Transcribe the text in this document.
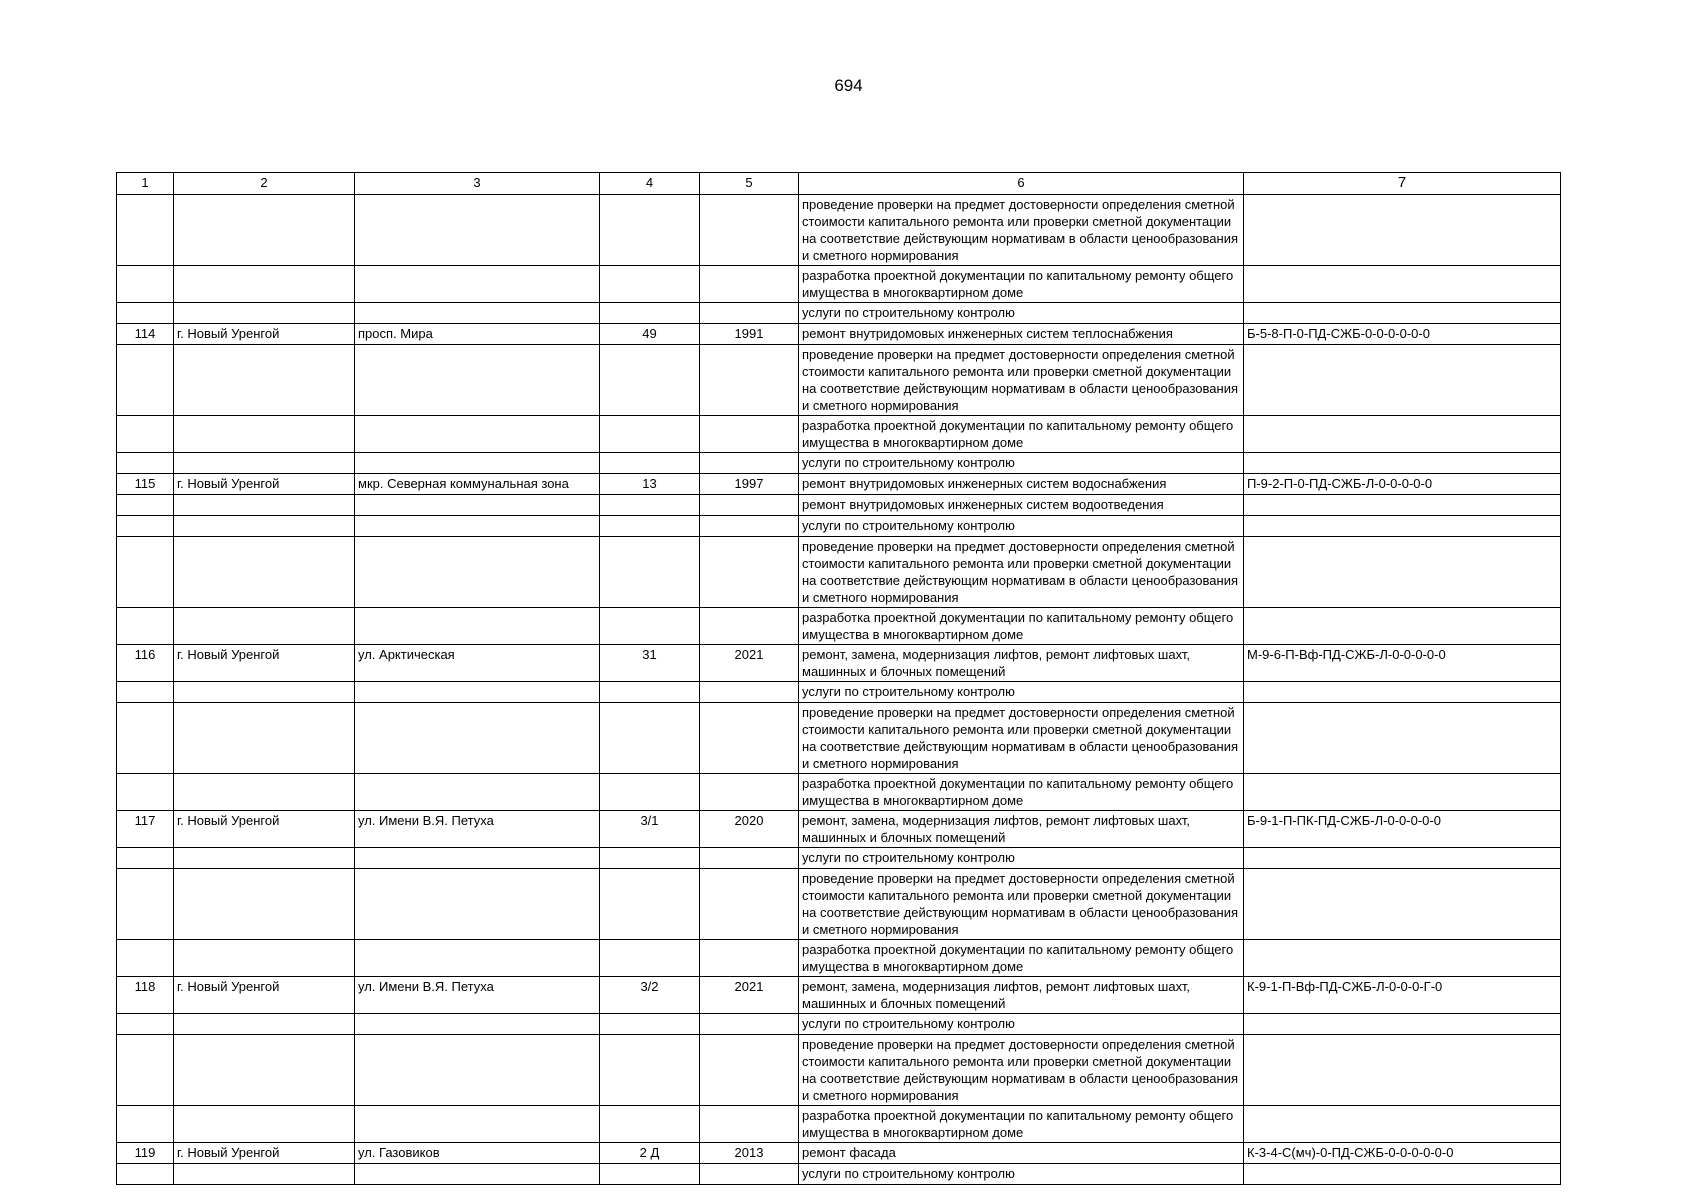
694
1	2	3	4	5	6	7
					проведение проверки на предмет достоверности определения сметной стоимости капитального ремонта или проверки сметной документации на соответствие действующим нормативам в области ценообразования и сметного нормирования	
					разработка проектной документации по капитальному ремонту общего имущества в многоквартирном доме	
					услуги по строительному контролю	
114	г. Новый Уренгой	просп. Мира	49	1991	ремонт внутридомовых инженерных систем теплоснабжения	Б-5-8-П-0-ПД-СЖБ-0-0-0-0-0-0
					проведение проверки на предмет достоверности определения сметной стоимости капитального ремонта или проверки сметной документации на соответствие действующим нормативам в области ценообразования и сметного нормирования	
					разработка проектной документации по капитальному ремонту общего имущества в многоквартирном доме	
					услуги по строительному контролю	
115	г. Новый Уренгой	мкр. Северная коммунальная зона	13	1997	ремонт внутридомовых инженерных систем водоснабжения	П-9-2-П-0-ПД-СЖБ-Л-0-0-0-0-0
					ремонт внутридомовых инженерных систем водоотведения	
					услуги по строительному контролю	
					проведение проверки на предмет достоверности определения сметной стоимости капитального ремонта или проверки сметной документации на соответствие действующим нормативам в области ценообразования и сметного нормирования	
					разработка проектной документации по капитальному ремонту общего имущества в многоквартирном доме	
116	г. Новый Уренгой	ул. Арктическая	31	2021	ремонт, замена, модернизация лифтов, ремонт лифтовых шахт, машинных и блочных помещений	М-9-6-П-Вф-ПД-СЖБ-Л-0-0-0-0-0
					услуги по строительному контролю	
					проведение проверки на предмет достоверности определения сметной стоимости капитального ремонта или проверки сметной документации на соответствие действующим нормативам в области ценообразования и сметного нормирования	
					разработка проектной документации по капитальному ремонту общего имущества в многоквартирном доме	
117	г. Новый Уренгой	ул. Имени В.Я. Петуха	3/1	2020	ремонт, замена, модернизация лифтов, ремонт лифтовых шахт, машинных и блочных помещений	Б-9-1-П-ПК-ПД-СЖБ-Л-0-0-0-0-0
					услуги по строительному контролю	
					проведение проверки на предмет достоверности определения сметной стоимости капитального ремонта или проверки сметной документации на соответствие действующим нормативам в области ценообразования и сметного нормирования	
					разработка проектной документации по капитальному ремонту общего имущества в многоквартирном доме	
118	г. Новый Уренгой	ул. Имени В.Я. Петуха	3/2	2021	ремонт, замена, модернизация лифтов, ремонт лифтовых шахт, машинных и блочных помещений	К-9-1-П-Вф-ПД-СЖБ-Л-0-0-0-Г-0
					услуги по строительному контролю	
					проведение проверки на предмет достоверности определения сметной стоимости капитального ремонта или проверки сметной документации на соответствие действующим нормативам в области ценообразования и сметного нормирования	
					разработка проектной документации по капитальному ремонту общего имущества в многоквартирном доме	
119	г. Новый Уренгой	ул. Газовиков	2 Д	2013	ремонт фасада	К-3-4-С(мч)-0-ПД-СЖБ-0-0-0-0-0-0
					услуги по строительному контролю	
